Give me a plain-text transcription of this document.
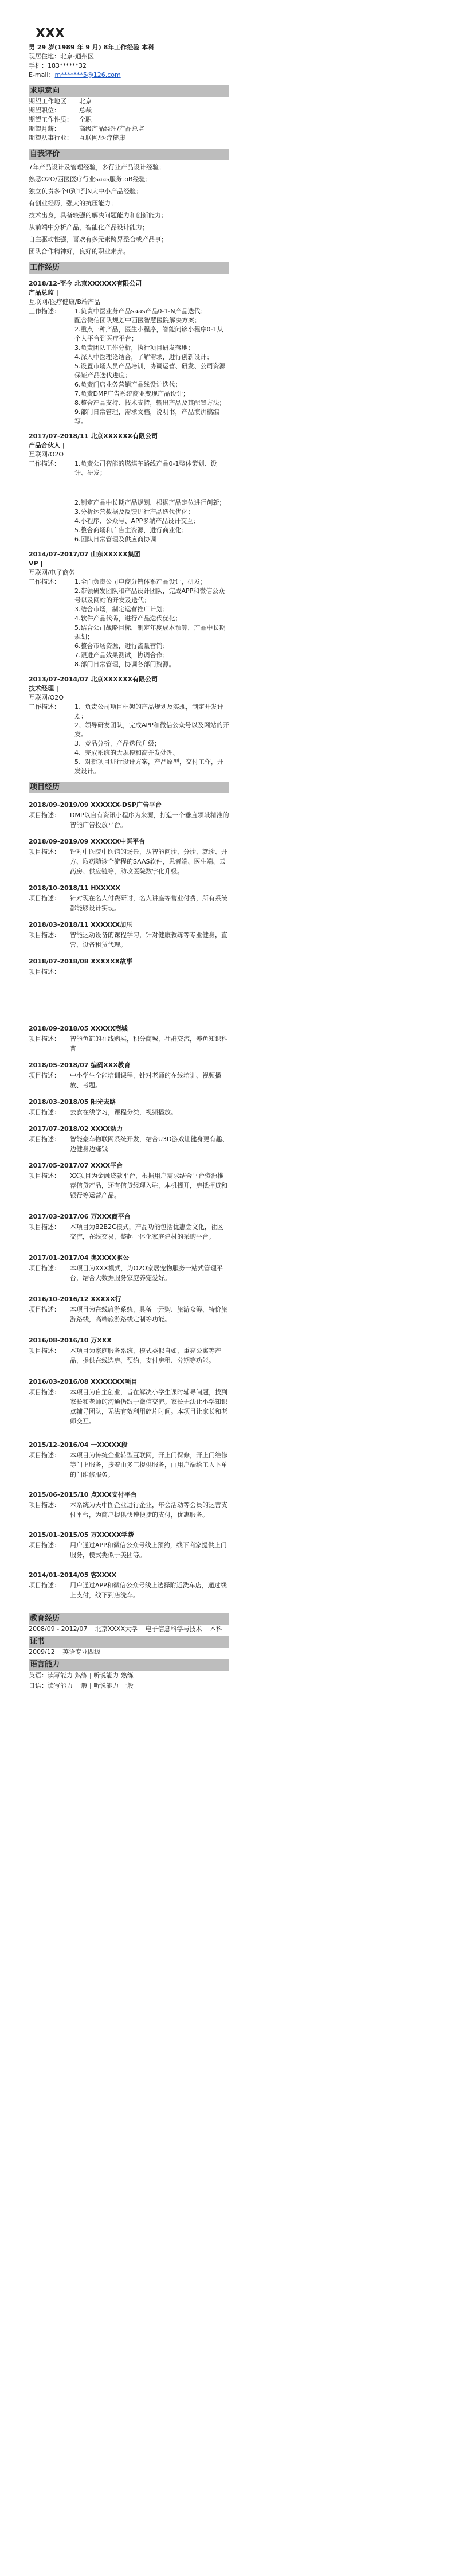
XXX
男 29 岁(1989 年 9 月) 8年工作经验 本科
现居住地：北京-通州区
手机：183******32
E-mail：m*******5@126.com
求职意向
期望工作地区： 北京
期望职位：	总裁
期望工作性质： 全职
期望月薪：	高级产品经理/产品总监
期望从事行业： 互联网/医疗健康
自我评价
7年产品设计及管理经验，多行业产品设计经验；
熟悉O2O/西医医疗行业saas服务toB经验；
独立负责多个0到1到N大中小产品经验；
有创业经历，强大的抗压能力；
技术出身，具备较强的解决问题能力和创新能力；
从前端中分析产品，智能化产品设计能力；
自主驱动性强，喜欢有多元素跨界整合或产品事；
团队合作精神好，良好的职业素养。
工作经历
2018/12-至今 北京XXXXXX有限公司
产品总监 |
互联网/医疗健康/B端产品
工作描述：	1.负责中医业务产品saas产品0-1-N产品迭代；
配合微信团队规划中西医智慧医院解决方案；
2.重点一种产品，医生小程序，智能问诊小程序0-1从个人平台到医疗平台；
3.负责团队工作分析，执行项目研发落地；
4.深入中医理论结合，了解需求，进行创新设计；
5.设置市场人员产品培训，协调运营、研发、公司资源保证产品迭代进度；
6.负责门店业务营销产品线设计迭代；
7.负责DMP广告系统商业变现产品设计；
8.整合产品支持、技术支持，输出产品及其配置方法；
9.部门日常管理，需求文档，说明书，产品演讲稿编写。
2017/07-2018/11 北京XXXXXX有限公司
产品合伙人 |
互联网/O2O
工作描述：	1.负责公司智能的燃煤车路线产品0-1整体策划、设计、研发；
2.制定产品中长期产品规划，根据产品定位进行创新；
3.分析运营数据及反馈进行产品迭代优化；
4.小程序、公众号、APP多端产品设计交互；
5.整合商场和广告主资源，进行商业化；
6.团队日常管理及供应商协调
2014/07-2017/07 山东XXXXX集团
VP |
互联网/电子商务
工作描述：	1.全面负责公司电商分销体系产品设计，研发；
2.带领研发团队和产品设计团队，完成APP和微信公众号以及网站的开发及迭代；
3.结合市场，制定运营推广计划；
4.软件产品代码，进行产品迭代优化；
5.结合公司战略目标，制定年度成本预算，产品中长期规划；
6.整合市场资源，进行流量营销；
7.跟进产品效果测试，协调合作；
8.部门日常管理，协调各部门资源。
2013/07-2014/07 北京XXXXXX有限公司
技术经理 |
互联网/O2O
工作描述：	1、负责公司项目框架的产品规划及实现，制定开发计划；
2、领导研发团队，完成APP和微信公众号以及网站的开发。
3、竞品分析，产品迭代升级；
4、完成系统的大规模和高并发处理。
5、对新项目进行设计方案，产品原型，交付工作，开发设计。
项目经历
2018/09-2019/09 XXXXXX-DSP广告平台
项目描述：	DMP以自有资讯小程序为来源，打造一个垂直领域精准的智能广告投放平台。
2018/09-2019/09 XXXXXX中医平台
项目描述：	针对中医院中医馆的场景，从智能问诊、分诊、就诊、开方、取药随诊全流程的SAAS软件，患者端、医生端、云药房、供应链等，助攻医院数字化升级。
2018/10-2018/11 HXXXXX
项目描述：	针对现在名人付费研讨，名人讲座等营业付费，所有系统都能够设计实现。
2018/03-2018/11 XXXXXX加压
项目描述：	智能运动设备的课程学习，针对健康教练等专业健身，直营、设备租赁代理。
2018/07-2018/08 XXXXXX故事
项目描述：
2018/09-2018/05 XXXXX商城
项目描述：	智能鱼缸的在线购买，积分商城，社群交流，养鱼知识科普
2018/05-2018/07 编码XXX教育
项目描述：	中小学生全能培训课程，针对老师的在线培训、视频播放、考题。
2018/03-2018/05 阳光去路
项目描述：	去食在线学习，课程分类，视频播放。
2017/07-2018/02 XXXX动力
项目描述：	智能豪车物联网系统开发，结合U3D游戏让健身更有趣、边健身边赚钱
2017/05-2017/07 XXXX平台
项目描述：	XX项目为金融贷款平台，根据用户需求结合平台资源推荐信贷产品，还有信贷经理入驻，本机撑开，房抵押贷和银行等运营产品。
2017/03-2017/06 万XXX商平台
项目描述：	本项目为B2B2C模式，产品功能包括优惠金文化，社区交流，在线交易，整起一体化家庭建材的采购平台。
2017/01-2017/04 奥XXXX驱公
项目描述：	本项目为XXX模式，为O2O家居宠物服务一站式管理平台，结合大数据服务家庭养宠爱好。
2016/10-2016/12 XXXXX行
项目描述：	本项目为在线旅游系统，具备一元购、旅游众筹、特价旅游路线，高端旅游路线定制等功能。
2016/08-2016/10 万XXX
项目描述：	本项目为家庭服务系统，模式类似自如，重亮公寓等产品，提供在线选房、预约，支付房租、分期等功能。
2016/03-2016/08 XXXXXXX项目
项目描述：	本项目为自主创业，旨在解决小学生课时辅导问题，找到家长和老师的沟通仍跟于微信交流。家长无法让小学知识点辅导团队，无法有效利用碎片时间。本项目让家长和老师交互。
2015/12-2016/04 一XXXXX段
项目描述：	本项目为传统企业转型互联网，开上门保修，开上门维修等门上服务，接着由多工提供服务，由用户端给工人下单的门维修服务。
2015/06-2015/10 点XXX支付平台
项目描述：	本系统为天中图企业进行企业，年会活动等会员的运营支付平台，为商户提供快速便捷的支付，优惠服务。
2015/01-2015/05 万XXXXX学帮
项目描述：	用户通过APP和微信公众号线上预约，线下商家提供上门服务，模式类似于美团等。
2014/01-2014/05 客XXXX
项目描述：	用户通过APP和微信公众号线上选择附近洗车店，通过线上支付，线下到店洗车。
教育经历
2008/09 - 2012/07 北京XXXX大学 电子信息科学与技术 本科
证书
2009/12 英语专业四级
语言能力
英语：读写能力 熟练 | 听说能力 熟练
日语：读写能力 一般 | 听说能力 一般
